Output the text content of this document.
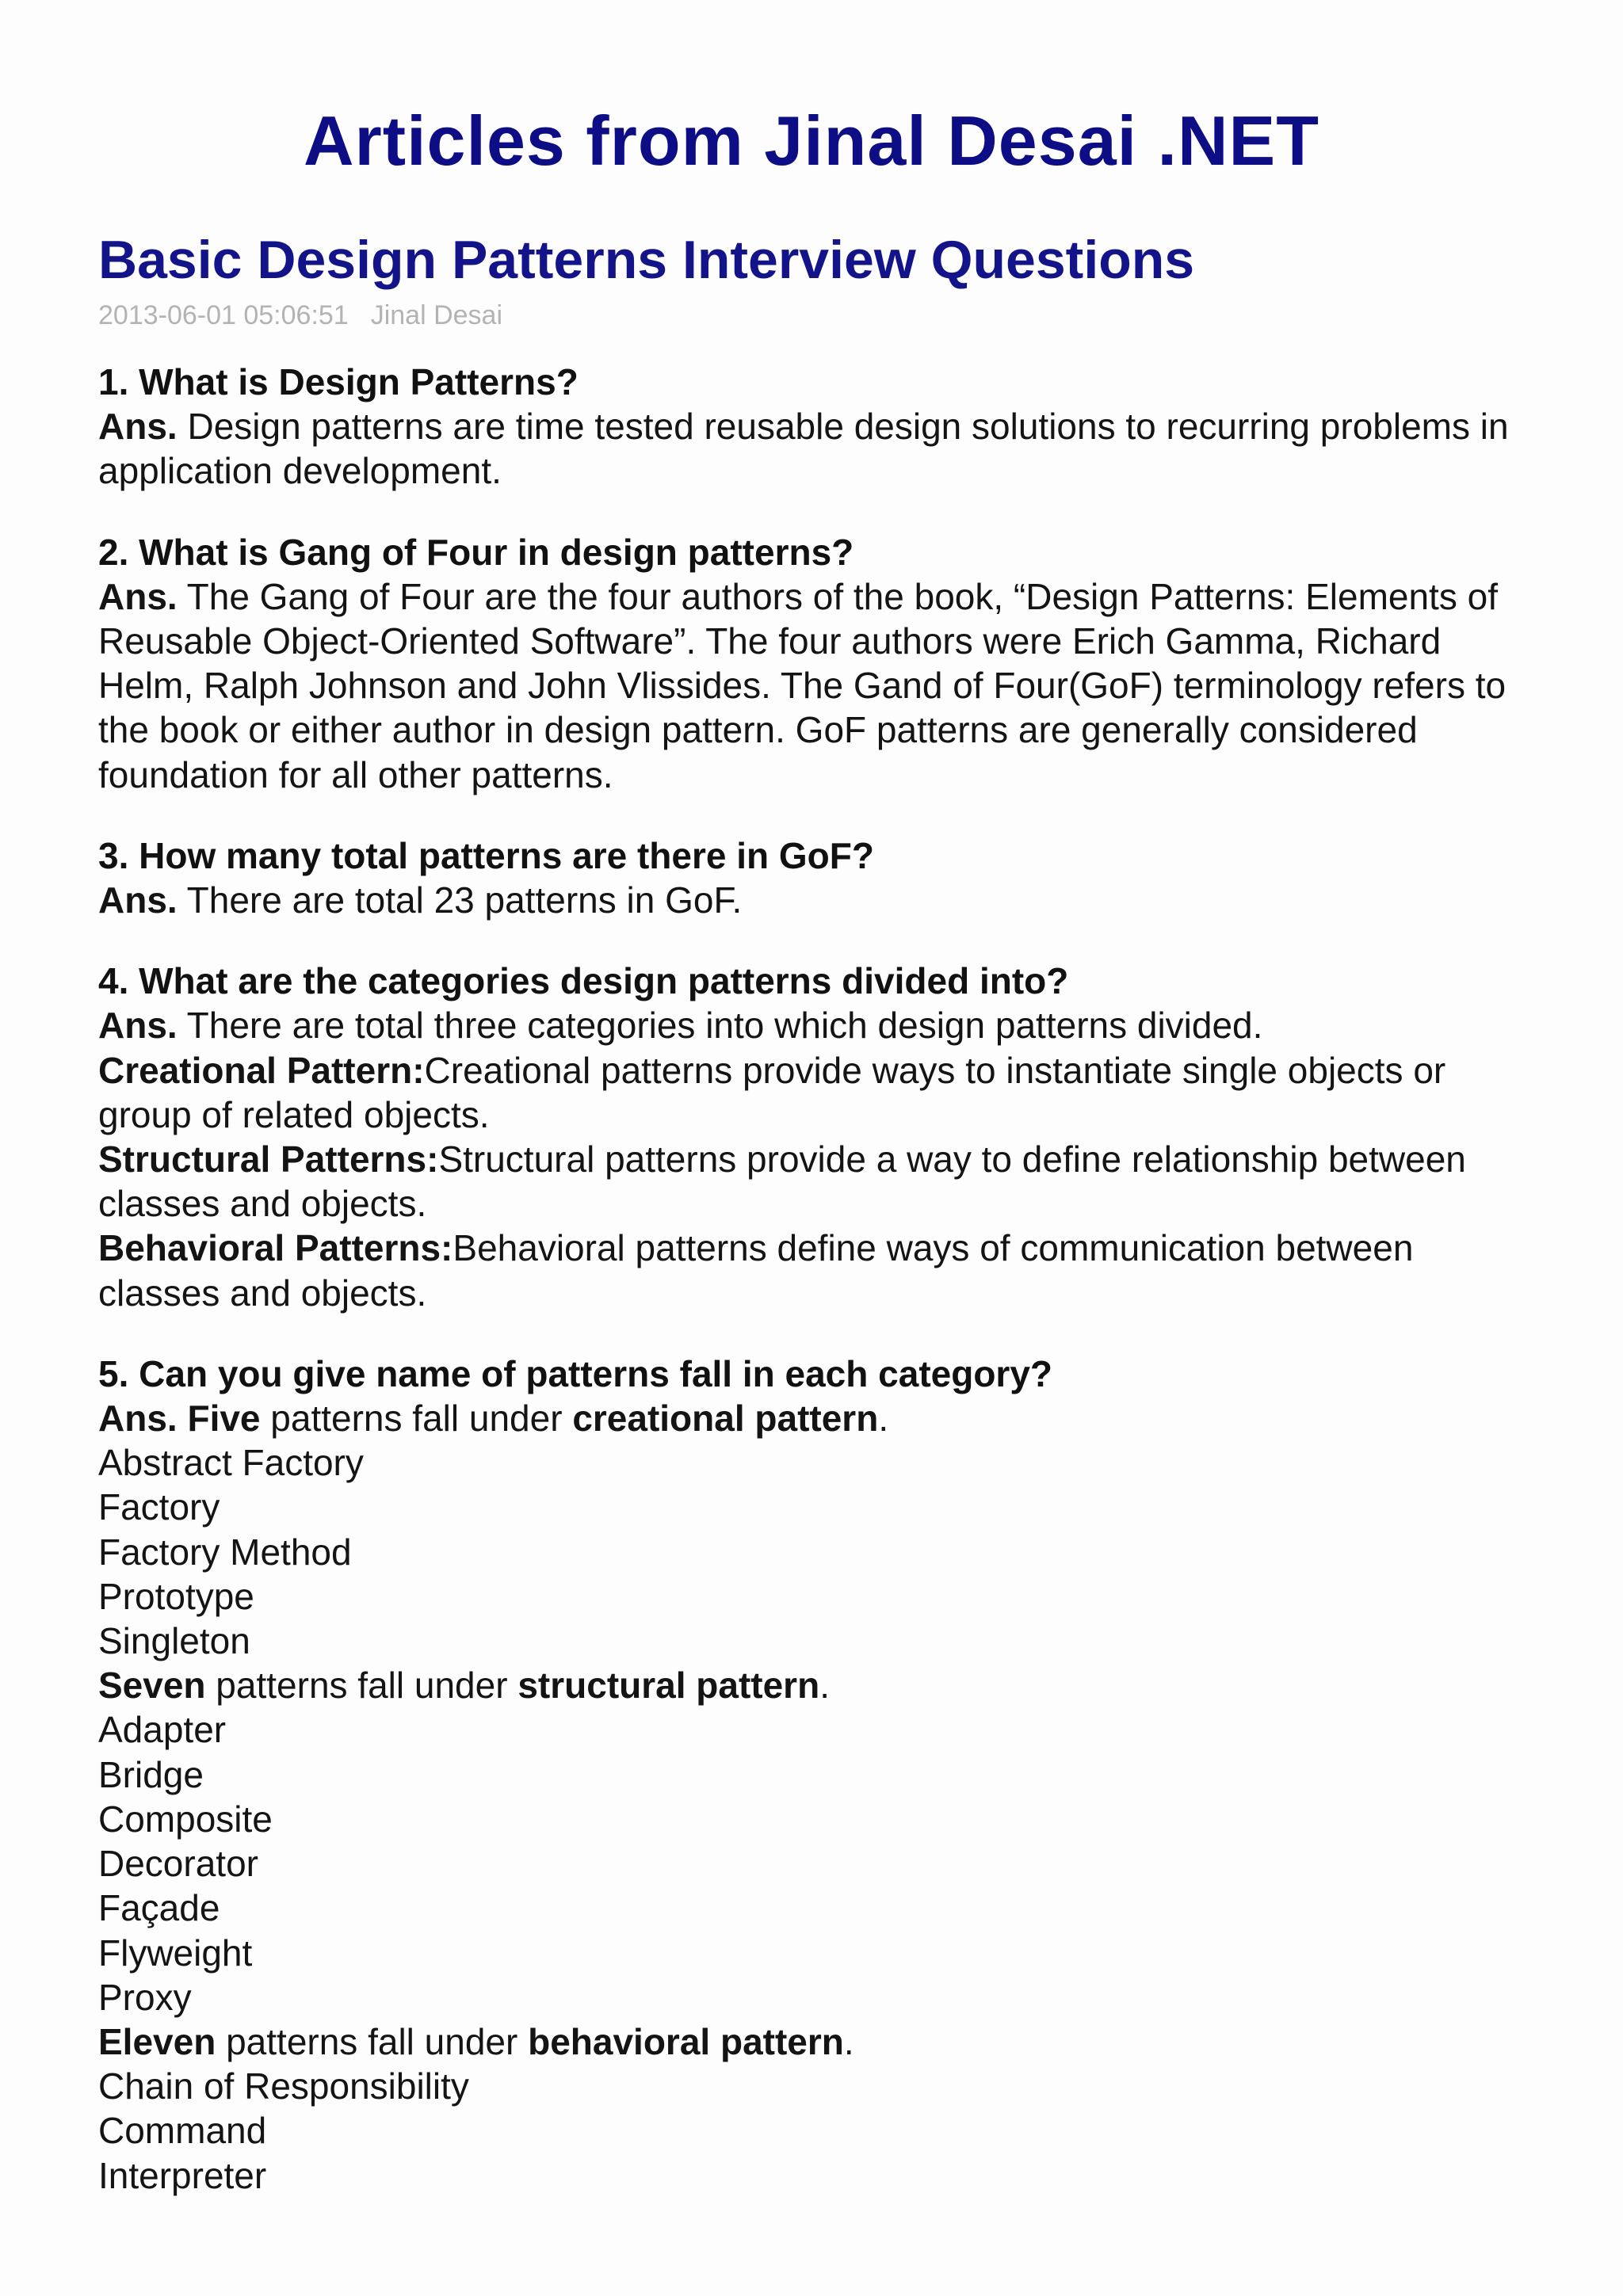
Articles from Jinal Desai .NET
Basic Design Patterns Interview Questions
2013-06-01 05:06:51 Jinal Desai
1. What is Design Patterns?
Ans. Design patterns are time tested reusable design solutions to recurring problems in application development.
2. What is Gang of Four in design patterns?
Ans. The Gang of Four are the four authors of the book, “Design Patterns: Elements of Reusable Object-Oriented Software”. The four authors were Erich Gamma, Richard Helm, Ralph Johnson and John Vlissides. The Gand of Four(GoF) terminology refers to the book or either author in design pattern. GoF patterns are generally considered foundation for all other patterns.
3. How many total patterns are there in GoF?
Ans. There are total 23 patterns in GoF.
4. What are the categories design patterns divided into?
Ans. There are total three categories into which design patterns divided.
Creational Pattern:Creational patterns provide ways to instantiate single objects or group of related objects.
Structural Patterns:Structural patterns provide a way to define relationship between classes and objects.
Behavioral Patterns:Behavioral patterns define ways of communication between classes and objects.
5. Can you give name of patterns fall in each category?
Ans. Five patterns fall under creational pattern.
Abstract Factory
Factory
Factory Method
Prototype
Singleton
Seven patterns fall under structural pattern.
Adapter
Bridge
Composite
Decorator
Façade
Flyweight
Proxy
Eleven patterns fall under behavioral pattern.
Chain of Responsibility
Command
Interpreter
